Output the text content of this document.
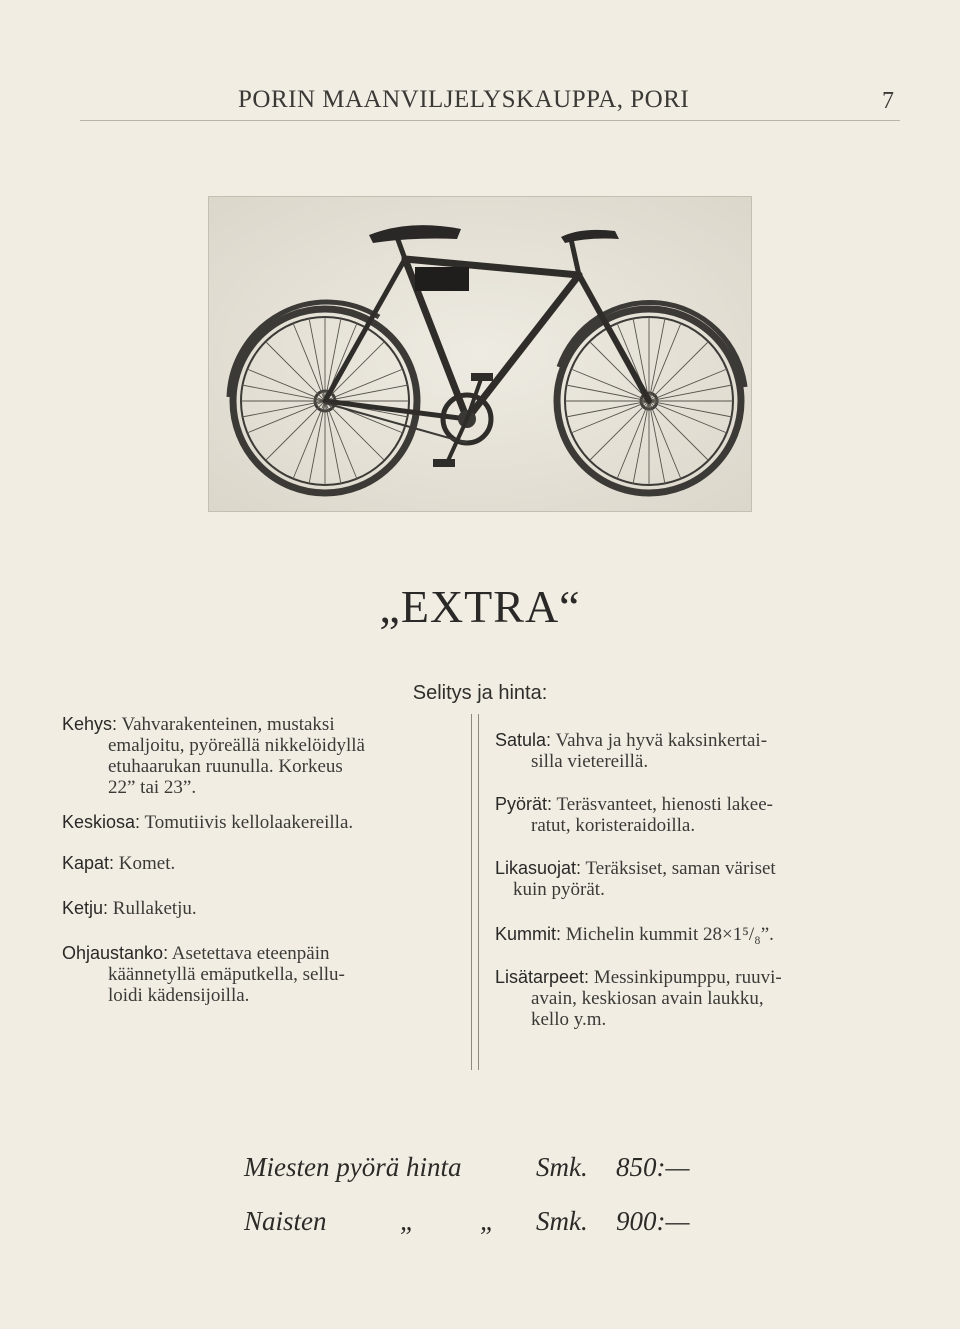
PORIN MAANVILJELYSKAUPPA, PORI	7
„EXTRA“
Selitys ja hinta:
Kehys: Vahvarakenteinen, mustaksi
emaljoitu, pyöreällä nikkelöidyllä
etuhaarukan ruunulla. Korkeus
22” tai 23”.
Keskiosa: Tomutiivis kellolaakereilla.
Kapat: Komet.
Ketju: Rullaketju.
Ohjaustanko: Asetettava eteenpäin
käännetyllä emäputkella, sellu-
loidi kädensijoilla.
Satula: Vahva ja hyvä kaksinkertai-
silla vietereillä.
Pyörät: Teräsvanteet, hienosti lakee-
ratut, koristeraidoilla.
Likasuojat: Teräksiset, saman väriset
kuin pyörät.
Kummit: Michelin kummit 28×1⁵/₈”.
Lisätarpeet: Messinkipumppu, ruuvi-
avain, keskiosan avain laukku,
kello y.m.
Miesten pyörä hinta	Smk. 850:—
Naisten	„ „ Smk. 900:—
